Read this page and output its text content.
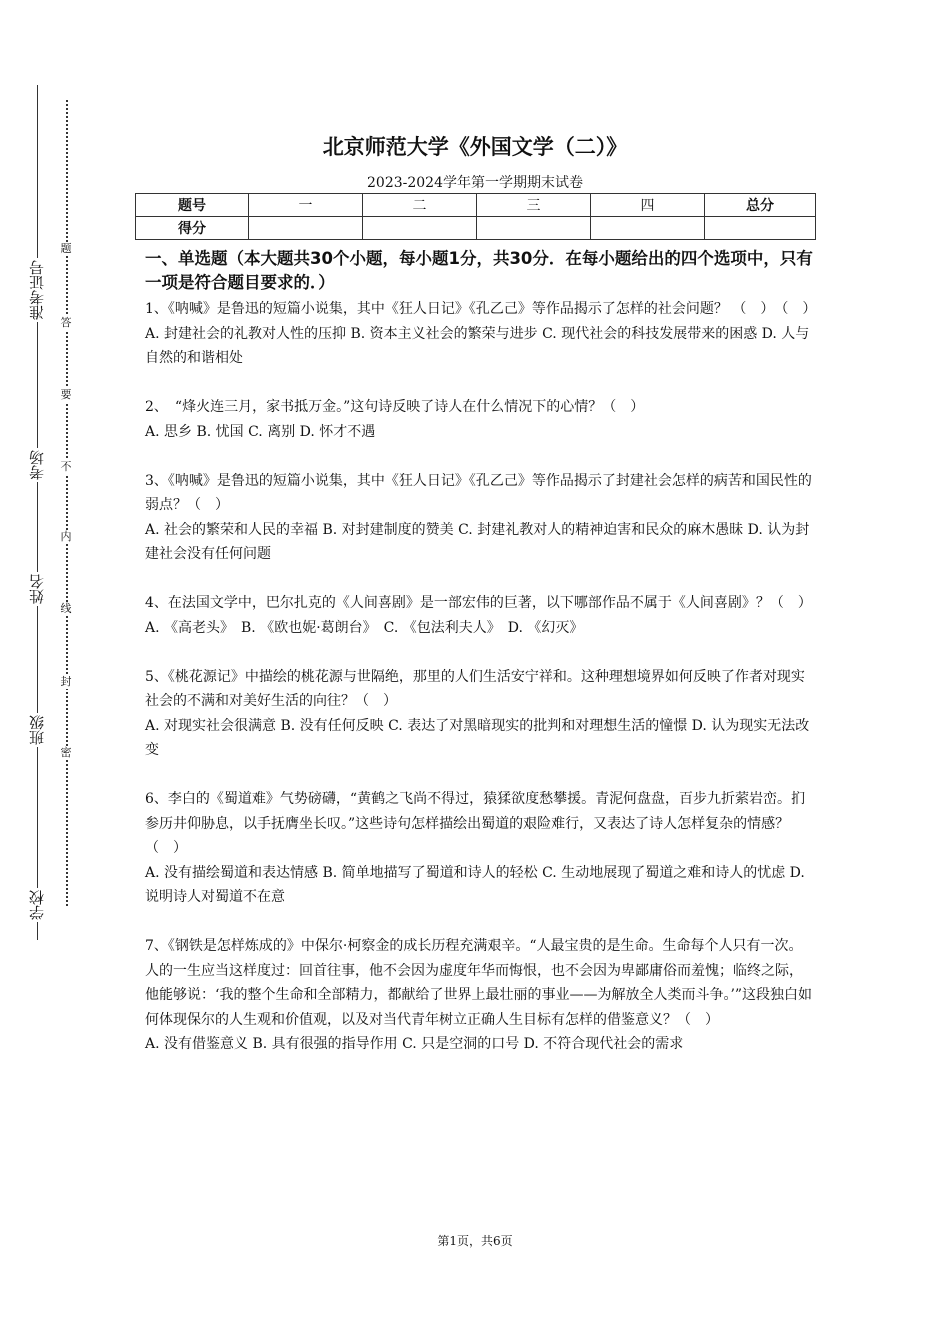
准考证号
考场
姓名
班级
学校
题
答
要
不
内
线
封
密
北京师范大学《外国文学（二）》
2023-2024学年第一学期期末试卷
题号	一	二	三	四	总分
得分					
一、单选题（本大题共30个小题，每小题1分，共30分．在每小题给出的四个选项中，只有一项是符合题目要求的．）

1、《呐喊》是鲁迅的短篇小说集，其中《狂人日记》《孔乙己》等作品揭示了怎样的社会问题？ （　）　（　）

A. 封建社会的礼教对人性的压抑 B. 资本主义社会的繁荣与进步 C. 现代社会的科技发展带来的困惑 D. 人与自然的和谐相处

2、　“烽火连三月，家书抵万金。”这句诗反映了诗人在什么情况下的心情？（　）

A. 思乡 B. 忧国 C. 离别 D. 怀才不遇

3、《呐喊》是鲁迅的短篇小说集，其中《狂人日记》《孔乙己》等作品揭示了封建社会怎样的病苦和国民性的弱点？（　）

A. 社会的繁荣和人民的幸福 B. 对封建制度的赞美 C. 封建礼教对人的精神迫害和民众的麻木愚昧 D. 认为封建社会没有任何问题

4、在法国文学中，巴尔扎克的《人间喜剧》是一部宏伟的巨著，以下哪部作品不属于《人间喜剧》？（　）

A. 《高老头》　B. 《欧也妮·葛朗台》　C. 《包法利夫人》　D. 《幻灭》

5、《桃花源记》中描绘的桃花源与世隔绝，那里的人们生活安宁祥和。这种理想境界如何反映了作者对现实社会的不满和对美好生活的向往？（　）

A. 对现实社会很满意 B. 没有任何反映 C. 表达了对黑暗现实的批判和对理想生活的憧憬 D. 认为现实无法改变

6、李白的《蜀道难》气势磅礴，“黄鹤之飞尚不得过，猿猱欲度愁攀援。青泥何盘盘，百步九折萦岩峦。扪参历井仰胁息，以手抚膺坐长叹。”这些诗句怎样描绘出蜀道的艰险难行，又表达了诗人怎样复杂的情感？（　）

A. 没有描绘蜀道和表达情感 B. 简单地描写了蜀道和诗人的轻松 C. 生动地展现了蜀道之难和诗人的忧虑 D. 说明诗人对蜀道不在意

7、《钢铁是怎样炼成的》中保尔·柯察金的成长历程充满艰辛。“人最宝贵的是生命。生命每个人只有一次。人的一生应当这样度过：回首往事，他不会因为虚度年华而悔恨，也不会因为卑鄙庸俗而羞愧；临终之际，他能够说：‘我的整个生命和全部精力，都献给了世界上最壮丽的事业——为解放全人类而斗争。’”这段独白如何体现保尔的人生观和价值观，以及对当代青年树立正确人生目标有怎样的借鉴意义？（　）

A. 没有借鉴意义 B. 具有很强的指导作用 C. 只是空洞的口号 D. 不符合现代社会的需求

第1页，共6页
